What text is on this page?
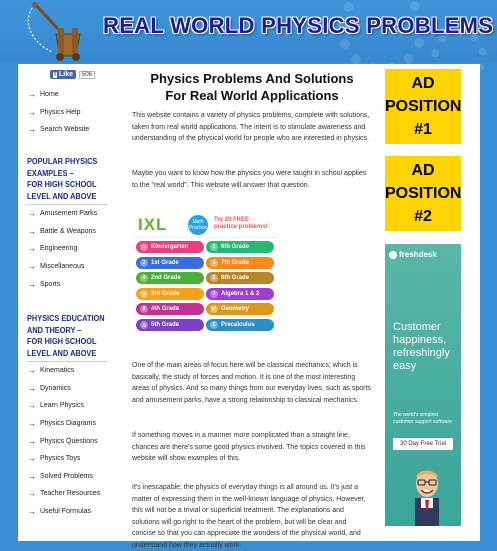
REAL WORLD PHYSICS PROBLEMS
f Like	506
→ Home
→ Physics Help
→ Search Website
POPULAR PHYSICS EXAMPLES –
FOR HIGH SCHOOL LEVEL AND ABOVE
→ Amusement Parks
→ Battle & Weapons
→ Engineering
→ Miscellaneous
→ Sports
PHYSICS EDUCATION AND THEORY –
FOR HIGH SCHOOL LEVEL AND ABOVE
→ Kinematics
→ Dynamics
→ Learn Physics
→ Physics Diagrams
→ Physics Questions
→ Physics Toys
→ Solved Problems
→ Teacher Resources
→ Useful Formulas
Physics Problems And Solutions
For Real World Applications

This website contains a variety of physics problems, complete with solutions, taken from real world applications. The intent is to stimulate awareness and understanding of the physical world for people who are interested in physics.

Maybe you want to know how the physics you were taught in school applies to the "real world". This website will answer that question.

IXL	Math Practice
Try 20 FREE
practice problems!
☺ Kindergarten	1 6th Grade
2 1st Grade	3 7th Grade
4 2nd Grade	5 8th Grade
6 3rd Grade	7 Algebra 1 & 2
8 4th Grade	x² Geometry
△ 5th Grade	Σ Precalculus

One of the main areas of focus here will be classical mechanics; which is basically, the study of forces and motion. It is one of the most interesting areas of physics. And so many things from our everyday lives, such as sports and amusement parks, have a strong relationship to classical mechanics.

If something moves in a manner more complicated than a straight line, chances are there's some good physics involved. The topics covered in this website will show examples of this.

It's inescapable; the physics of everyday things is all around us. It's just a matter of expressing them in the well-known language of physics. However, this will not be a trivial or superficial treatment. The explanations and solutions will go right to the heart of the problem, but will be clear and concise so that you can appreciate the wonders of the physical world, and understand how they actually work.

AD
POSITION
#1
AD
POSITION
#2
freshdesk
Customer happiness, refreshingly easy
The world's simplest customer support software
30 Day Free Trial
